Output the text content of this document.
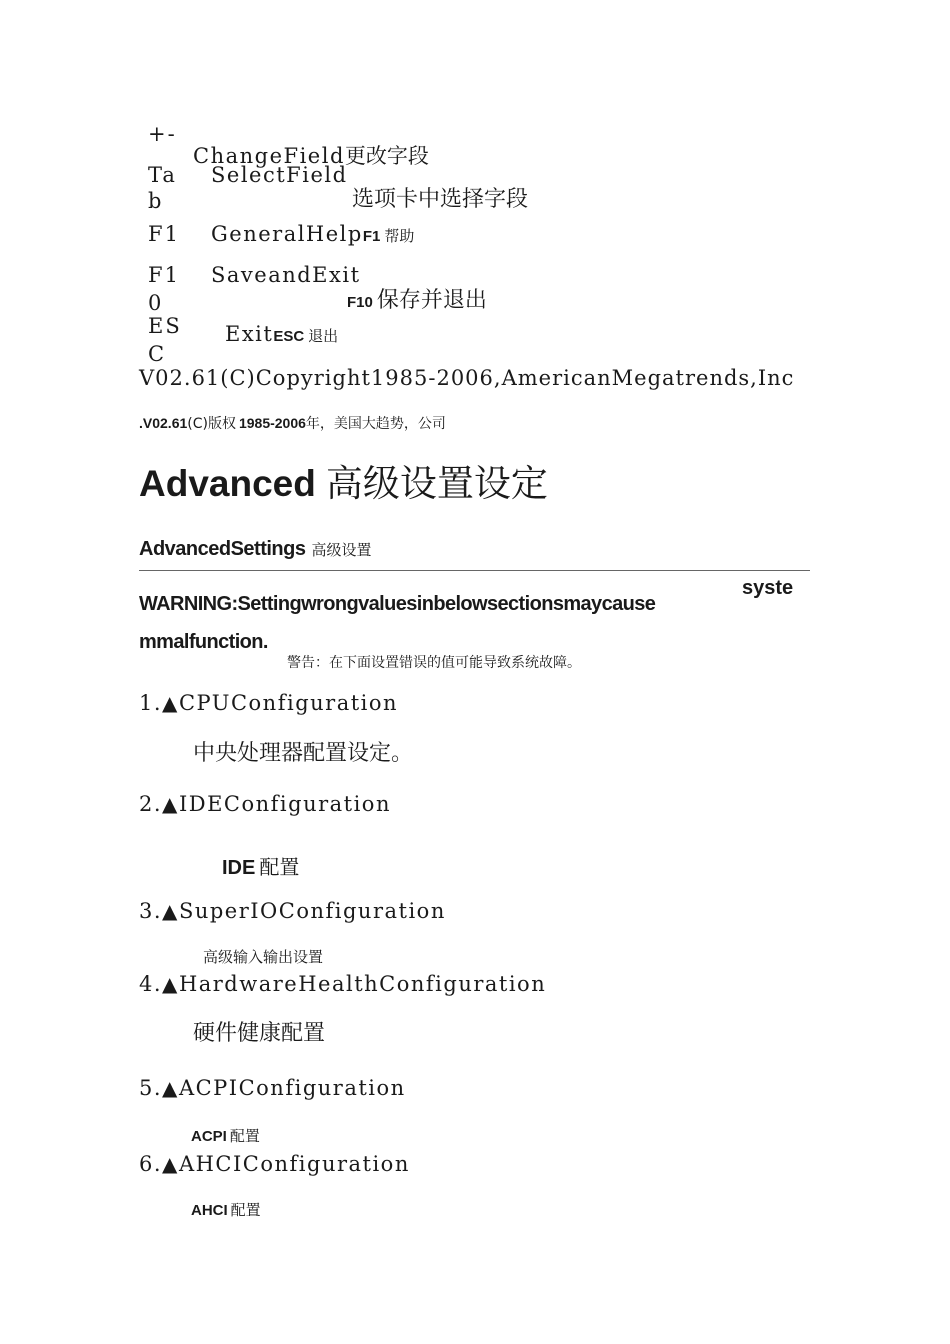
+-
ChangeField更改字段
Ta
b
SelectField
选项卡中选择字段
F1 GeneralHelpF1 帮助
F1
0
SaveandExit
F10 保存并退出
ES
C
ExitESC 退出
V02.61(C)Copyright1985-2006,AmericanMegatrends,Inc
.V02.61(C)版权 1985-2006年，美国大趋势，公司
Advanced 高级设置设定
AdvancedSettings 高级设置
WARNING:Settingwrongvaluesinbelowsectionsmaycause
syste
mmalfunction.
警告：在下面设置错误的值可能导致系统故障。
1.▲CPUConfiguration
中央处理器配置设定。
2.▲IDEConfiguration
IDE 配置
3.▲SuperIOConfiguration
高级输入输出设置
4.▲HardwareHealthConfiguration
硬件健康配置
5.▲ACPIConfiguration
ACPI 配置
6.▲AHCIConfiguration
AHCI 配置
